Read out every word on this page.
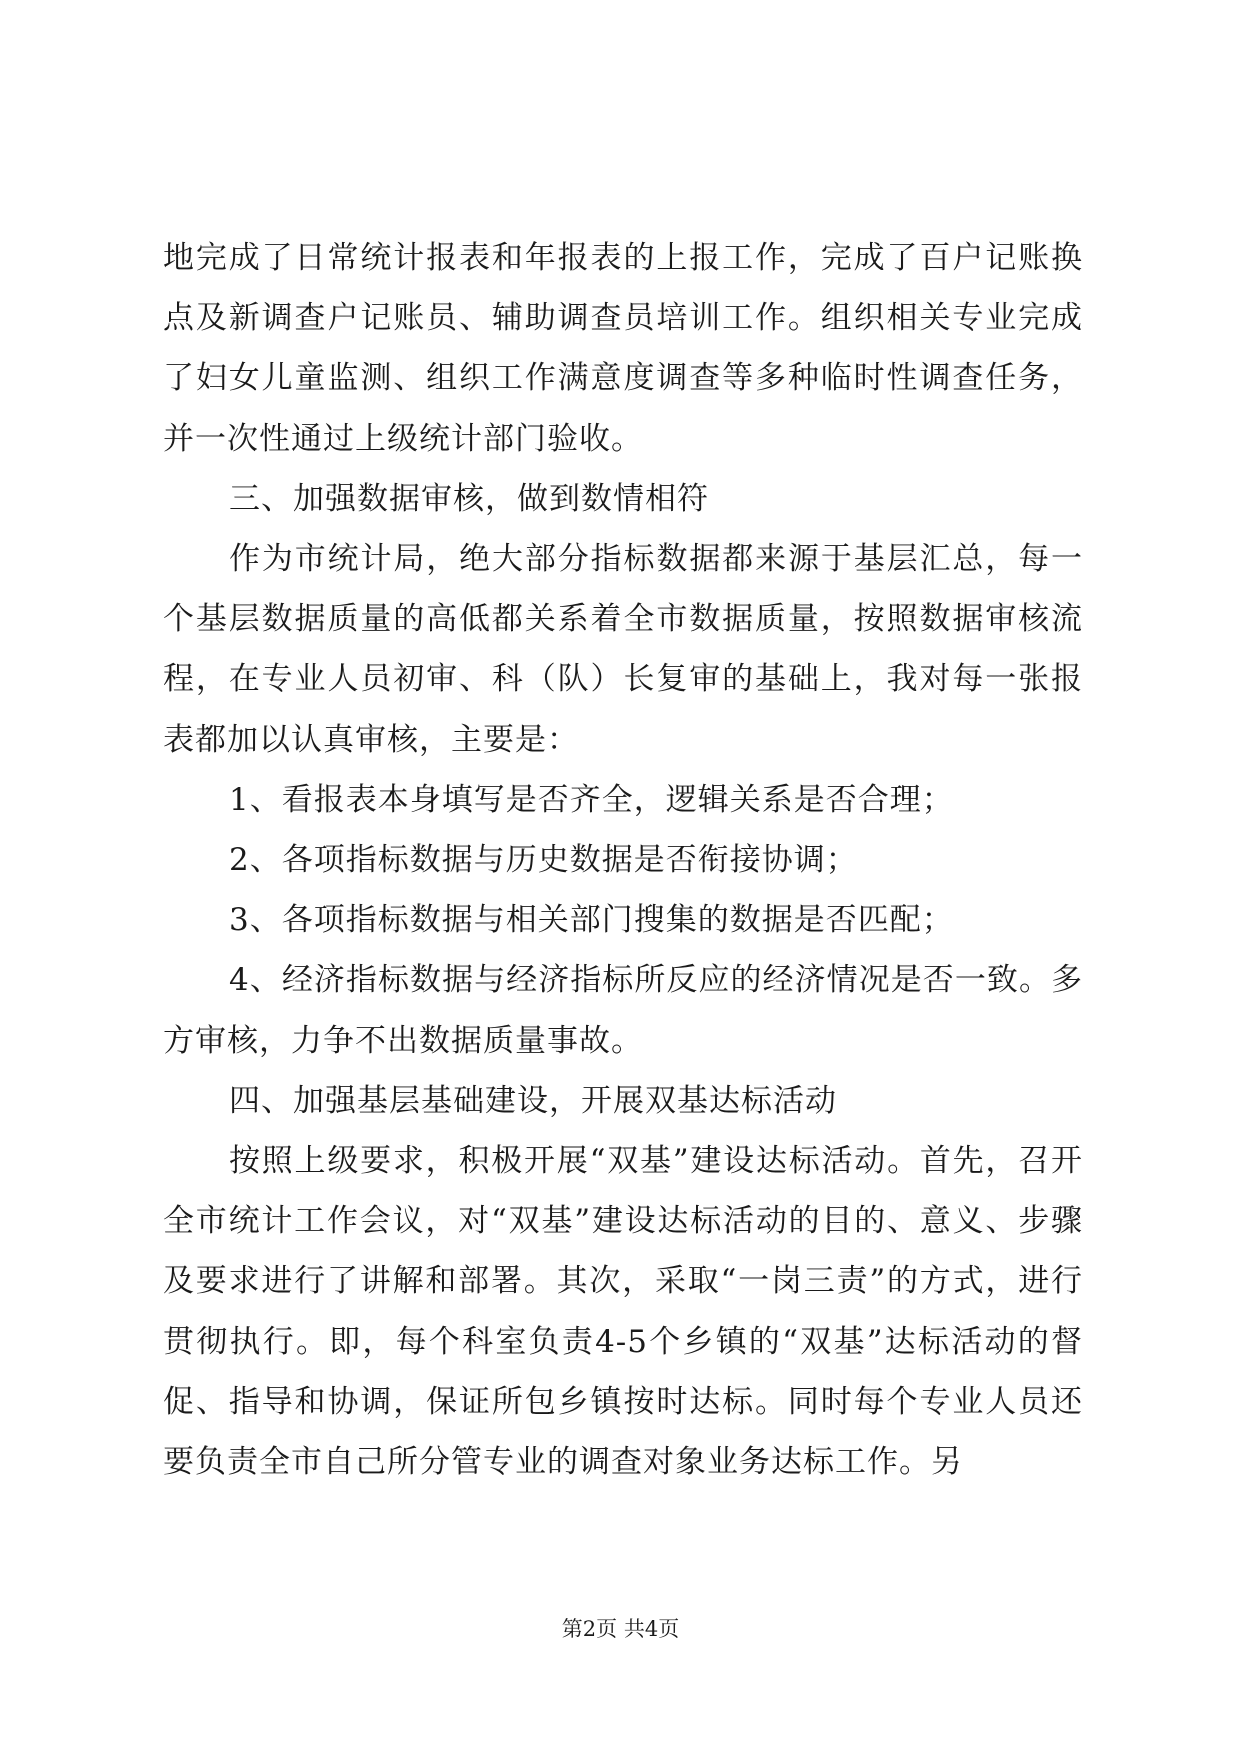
地完成了日常统计报表和年报表的上报工作，完成了百户记账换点及新调查户记账员、辅助调查员培训工作。组织相关专业完成了妇女儿童监测、组织工作满意度调查等多种临时性调查任务，并一次性通过上级统计部门验收。

三、加强数据审核，做到数情相符

作为市统计局，绝大部分指标数据都来源于基层汇总，每一个基层数据质量的高低都关系着全市数据质量，按照数据审核流程，在专业人员初审、科（队）长复审的基础上，我对每一张报表都加以认真审核，主要是：

1、看报表本身填写是否齐全，逻辑关系是否合理；

2、各项指标数据与历史数据是否衔接协调；

3、各项指标数据与相关部门搜集的数据是否匹配；

4、经济指标数据与经济指标所反应的经济情况是否一致。多方审核，力争不出数据质量事故。

四、加强基层基础建设，开展双基达标活动

按照上级要求，积极开展“双基”建设达标活动。首先，召开全市统计工作会议，对“双基”建设达标活动的目的、意义、步骤及要求进行了讲解和部署。其次，采取“一岗三责”的方式，进行贯彻执行。即，每个科室负责4-5个乡镇的“双基”达标活动的督促、指导和协调，保证所包乡镇按时达标。同时每个专业人员还要负责全市自己所分管专业的调查对象业务达标工作。另

第2页 共4页
